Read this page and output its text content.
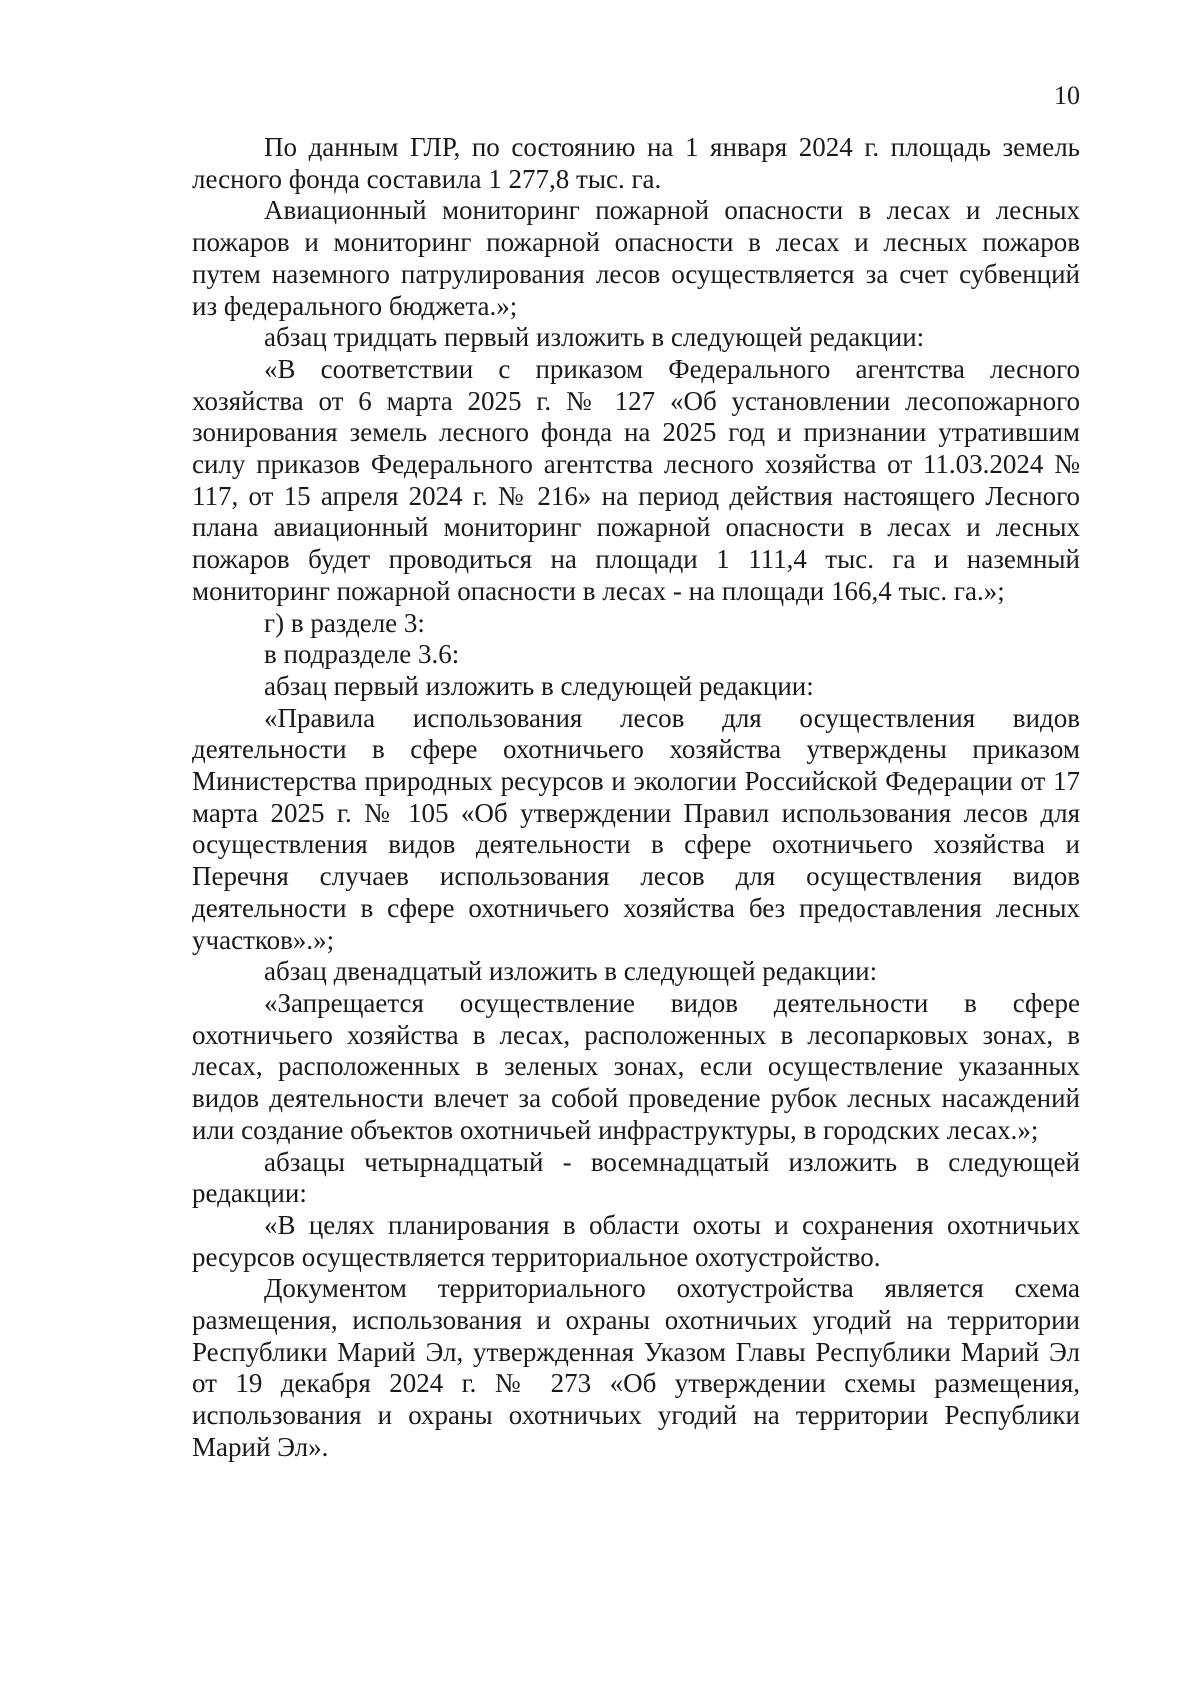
10

По данным ГЛР, по состоянию на 1 января 2024 г. площадь земель лесного фонда составила 1 277,8 тыс. га.

Авиационный мониторинг пожарной опасности в лесах и лесных пожаров и мониторинг пожарной опасности в лесах и лесных пожаров путем наземного патрулирования лесов осуществляется за счет субвенций из федерального бюджета.»;

абзац тридцать первый изложить в следующей редакции:

«В соответствии с приказом Федерального агентства лесного хозяйства от 6 марта 2025 г. № 127 «Об установлении лесопожарного зонирования земель лесного фонда на 2025 год и признании утратившим силу приказов Федерального агентства лесного хозяйства от 11.03.2024 № 117, от 15 апреля 2024 г. № 216» на период действия настоящего Лесного плана авиационный мониторинг пожарной опасности в лесах и лесных пожаров будет проводиться на площади 1 111,4 тыс. га и наземный мониторинг пожарной опасности в лесах - на площади 166,4 тыс. га.»;

г) в разделе 3:

в подразделе 3.6:

абзац первый изложить в следующей редакции:

«Правила использования лесов для осуществления видов деятельности в сфере охотничьего хозяйства утверждены приказом Министерства природных ресурсов и экологии Российской Федерации от 17 марта 2025 г. № 105 «Об утверждении Правил использования лесов для осуществления видов деятельности в сфере охотничьего хозяйства и Перечня случаев использования лесов для осуществления видов деятельности в сфере охотничьего хозяйства без предоставления лесных участков».»;

абзац двенадцатый изложить в следующей редакции:

«Запрещается осуществление видов деятельности в сфере охотничьего хозяйства в лесах, расположенных в лесопарковых зонах, в лесах, расположенных в зеленых зонах, если осуществление указанных видов деятельности влечет за собой проведение рубок лесных насаждений или создание объектов охотничьей инфраструктуры, в городских лесах.»;

абзацы четырнадцатый - восемнадцатый изложить в следующей редакции:

«В целях планирования в области охоты и сохранения охотничьих ресурсов осуществляется территориальное охотустройство.

Документом территориального охотустройства является схема размещения, использования и охраны охотничьих угодий на территории Республики Марий Эл, утвержденная Указом Главы Республики Марий Эл от 19 декабря 2024 г. № 273 «Об утверждении схемы размещения, использования и охраны охотничьих угодий на территории Республики Марий Эл».
